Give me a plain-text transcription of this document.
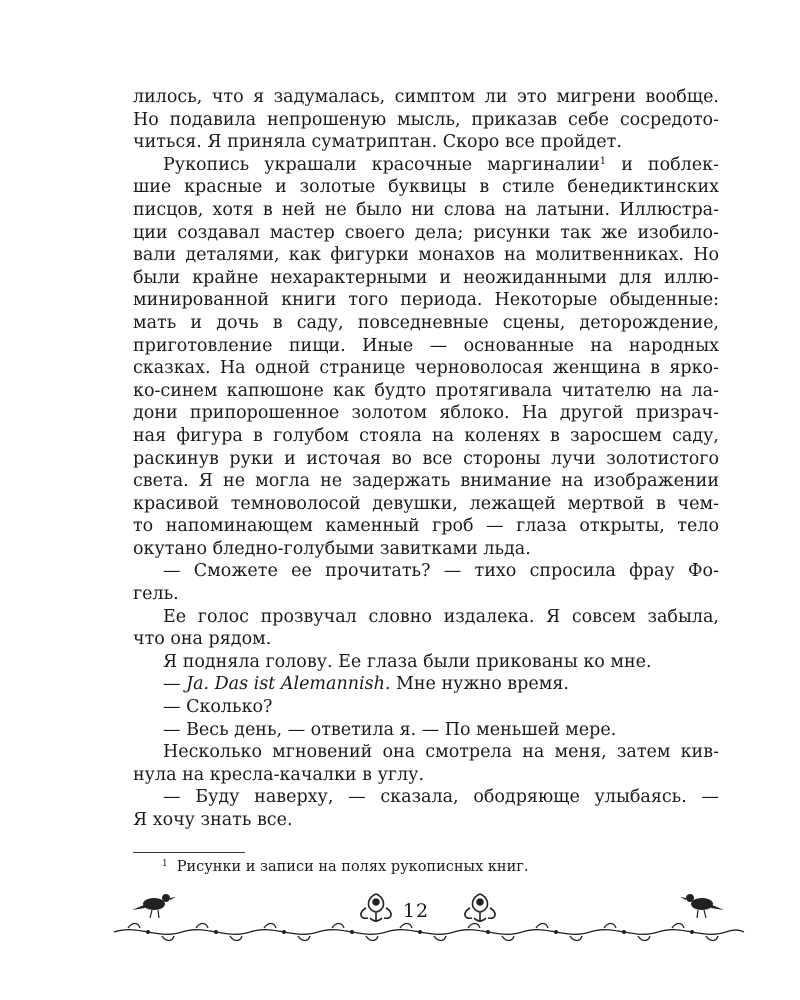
лилось, что я задумалась, симптом ли это мигрени вообще.
Но подавила непрошеную мысль, приказав себе сосредото-
читься. Я приняла суматриптан. Скоро все пройдет.
Рукопись украшали красочные маргиналии$^1$ и поблек-
шие красные и золотые буквицы в стиле бенедиктинских
писцов, хотя в ней не было ни слова на латыни. Иллюстра-
ции создавал мастер своего дела; рисунки так же изобило-
вали деталями, как фигурки монахов на молитвенниках. Но
были крайне нехарактерными и неожиданными для иллю-
минированной книги того периода. Некоторые обыденные:
мать и дочь в саду, повседневные сцены, деторождение,
приготовление пищи. Иные — основанные на народных
сказках. На одной странице черноволосая женщина в ярко-
ко-синем капюшоне как будто протягивала читателю на ла-
дони припорошенное золотом яблоко. На другой призрач-
ная фигура в голубом стояла на коленях в заросшем саду,
раскинув руки и источая во все стороны лучи золотистого
света. Я не могла не задержать внимание на изображении
красивой темноволосой девушки, лежащей мертвой в чем-
то напоминающем каменный гроб — глаза открыты, тело
окутано бледно-голубыми завитками льда.
— Сможете ее прочитать? — тихо спросила фрау Фо-
гель.
Ее голос прозвучал словно издалека. Я совсем забыла,
что она рядом.
Я подняла голову. Ее глаза были прикованы ко мне.
— Ja. Das ist Alemannish. Мне нужно время.
— Сколько?
— Весь день, — ответила я. — По меньшей мере.
Несколько мгновений она смотрела на меня, затем кив-
нула на кресла-качалки в углу.
— Буду наверху, — сказала, ободряюще улыбаясь. —
Я хочу знать все.
$^1$ Рисунки и записи на полях рукописных книг.
12
